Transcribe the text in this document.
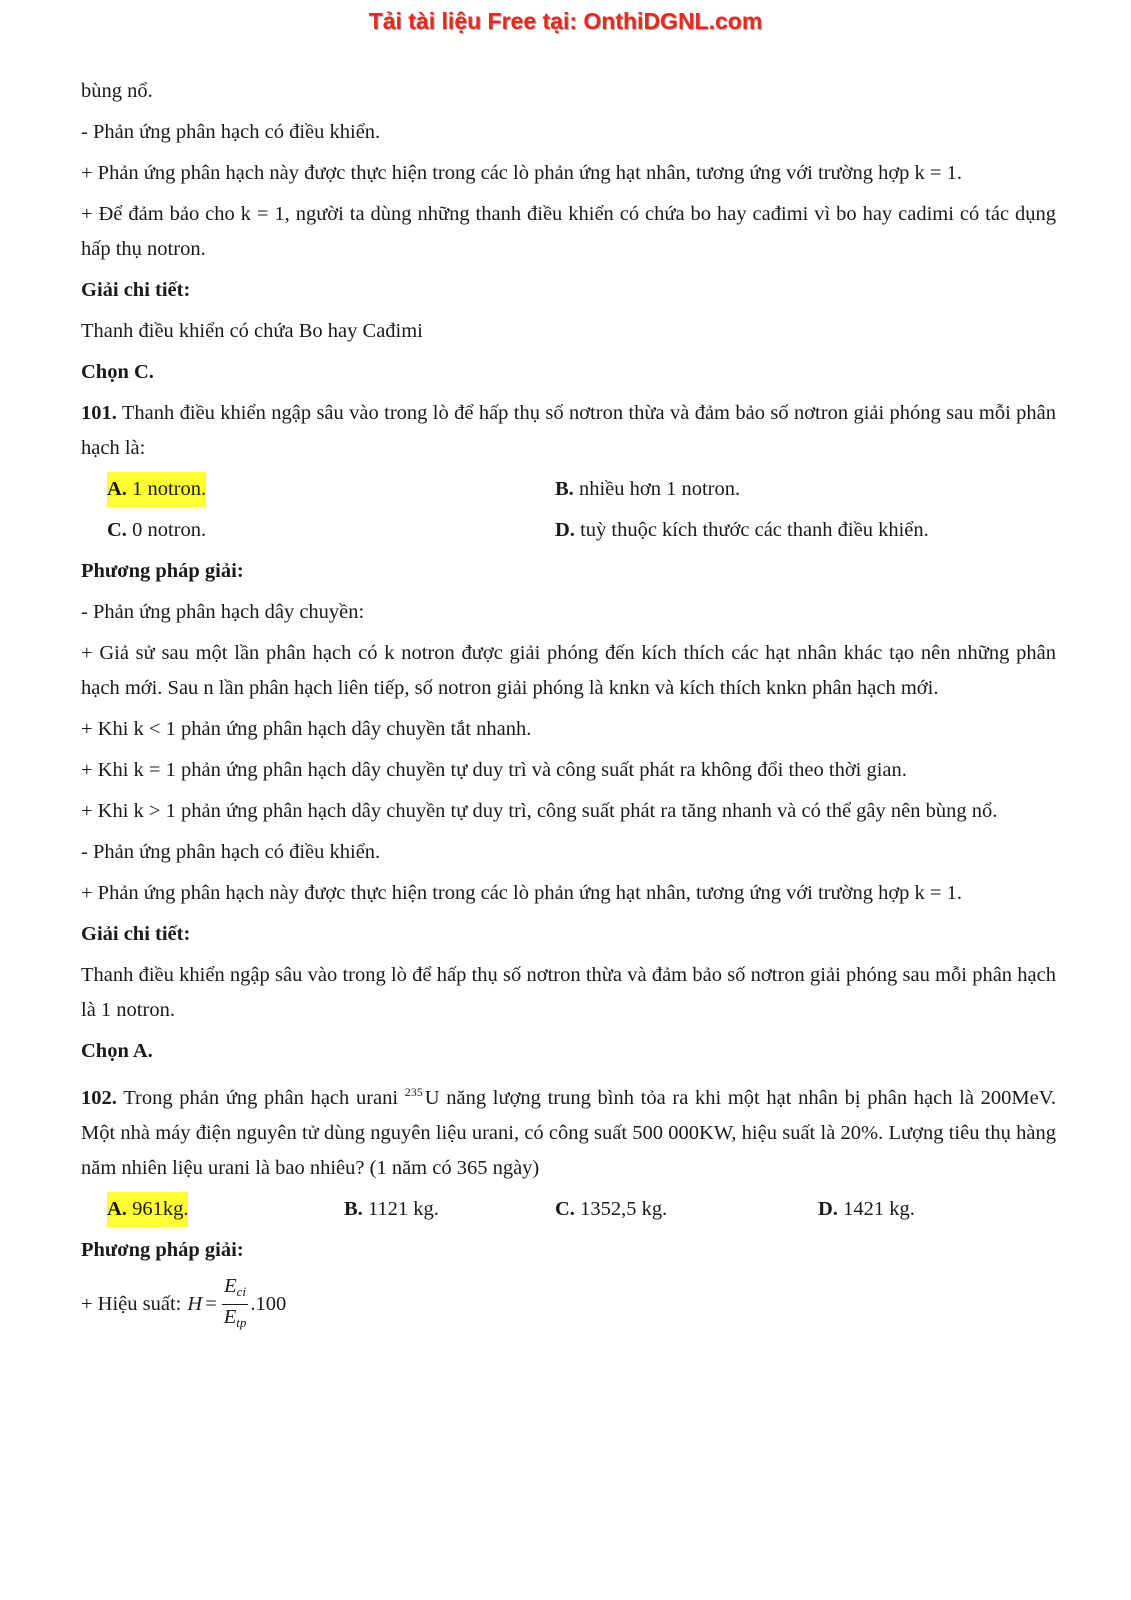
Tải tài liệu Free tại: OnthiDGNL.com

bùng nổ.

- Phản ứng phân hạch có điều khiển.

+ Phản ứng phân hạch này được thực hiện trong các lò phản ứng hạt nhân, tương ứng với trường hợp k = 1.

+ Để đảm bảo cho k = 1, người ta dùng những thanh điều khiển có chứa bo hay cađimi vì bo hay cadimi có tác dụng hấp thụ notron.

Giải chi tiết:

Thanh điều khiển có chứa Bo hay Cađimi

Chọn C.

101. Thanh điều khiển ngập sâu vào trong lò để hấp thụ số nơtron thừa và đảm bảo số nơtron giải phóng sau mỗi phân hạch là:

A. 1 notron.	B. nhiều hơn 1 notron.
C. 0 notron.	D. tuỳ thuộc kích thước các thanh điều khiển.

Phương pháp giải:

- Phản ứng phân hạch dây chuyền:

+ Giả sử sau một lần phân hạch có k notron được giải phóng đến kích thích các hạt nhân khác tạo nên những phân hạch mới. Sau n lần phân hạch liên tiếp, số notron giải phóng là knkn và kích thích knkn phân hạch mới.

+ Khi k < 1 phản ứng phân hạch dây chuyền tắt nhanh.

+ Khi k = 1 phản ứng phân hạch dây chuyền tự duy trì và công suất phát ra không đổi theo thời gian.

+ Khi k > 1 phản ứng phân hạch dây chuyền tự duy trì, công suất phát ra tăng nhanh và có thể gây nên bùng nổ.

- Phản ứng phân hạch có điều khiển.

+ Phản ứng phân hạch này được thực hiện trong các lò phản ứng hạt nhân, tương ứng với trường hợp k = 1.

Giải chi tiết:

Thanh điều khiển ngập sâu vào trong lò để hấp thụ số nơtron thừa và đảm bảo số nơtron giải phóng sau mỗi phân hạch là 1 notron.

Chọn A.

102. Trong phản ứng phân hạch urani $^{235}$U năng lượng trung bình tỏa ra khi một hạt nhân bị phân hạch là 200MeV. Một nhà máy điện nguyên tử dùng nguyên liệu urani, có công suất 500 000KW, hiệu suất là 20%. Lượng tiêu thụ hàng năm nhiên liệu urani là bao nhiêu? (1 năm có 365 ngày)

A. 961kg.	B. 1121 kg.	C. 1352,5 kg.	D. 1421 kg.

Phương pháp giải:

+ Hiệu suất: $H = \frac{E_{ci}}{E_{tp}} .100$
